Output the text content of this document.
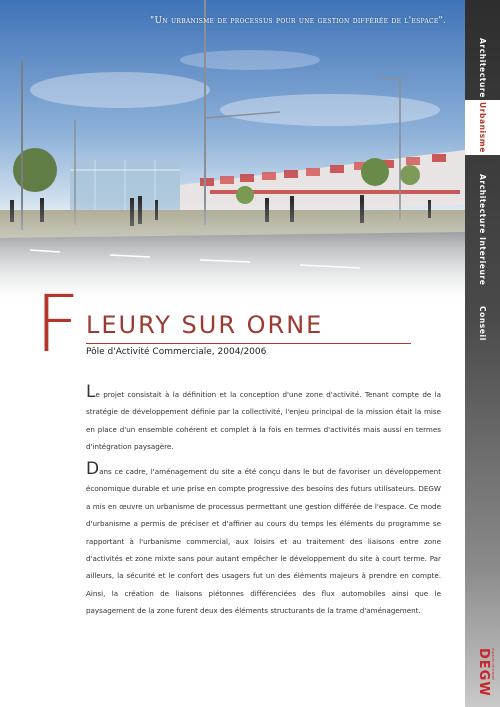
"Un urbanisme de processus pour une gestion différée de l'espace".
Architecture
Urbanisme
Architecture Interieure
Conseil
F LEURY SUR ORNE
Pôle d'Activité Commerciale, 2004/2006

Le projet consistait à la définition et la conception d'une zone d'activité. Tenant compte de la stratégie de développement définie par la collectivité, l'enjeu principal de la mission était la mise en place d'un ensemble cohérent et complet à la fois en termes d'activités mais aussi en termes d'intégration paysagère.

Dans ce cadre, l'aménagement du site a été conçu dans le but de favoriser un développement économique durable et une prise en compte progressive des besoins des futurs utilisateurs. DEGW a mis en œuvre un urbanisme de processus permettant une gestion différée de l'espace. Ce mode d'urbanisme a permis de préciser et d'affiner au cours du temps les éléments du programme se rapportant à l'urbanisme commercial, aux loisirs et au traitement des liaisons entre zone d'activités et zone mixte sans pour autant empêcher le développement du site à court terme. Par ailleurs, la sécurité et le confort des usagers fut un des éléments majeurs à prendre en compte. Ainsi, la création de liaisons piétonnes différenciées des flux automobiles ainsi que le paysagement de la zone furent deux des éléments structurants de la trame d'aménagement.

DEGW espaces de travail
